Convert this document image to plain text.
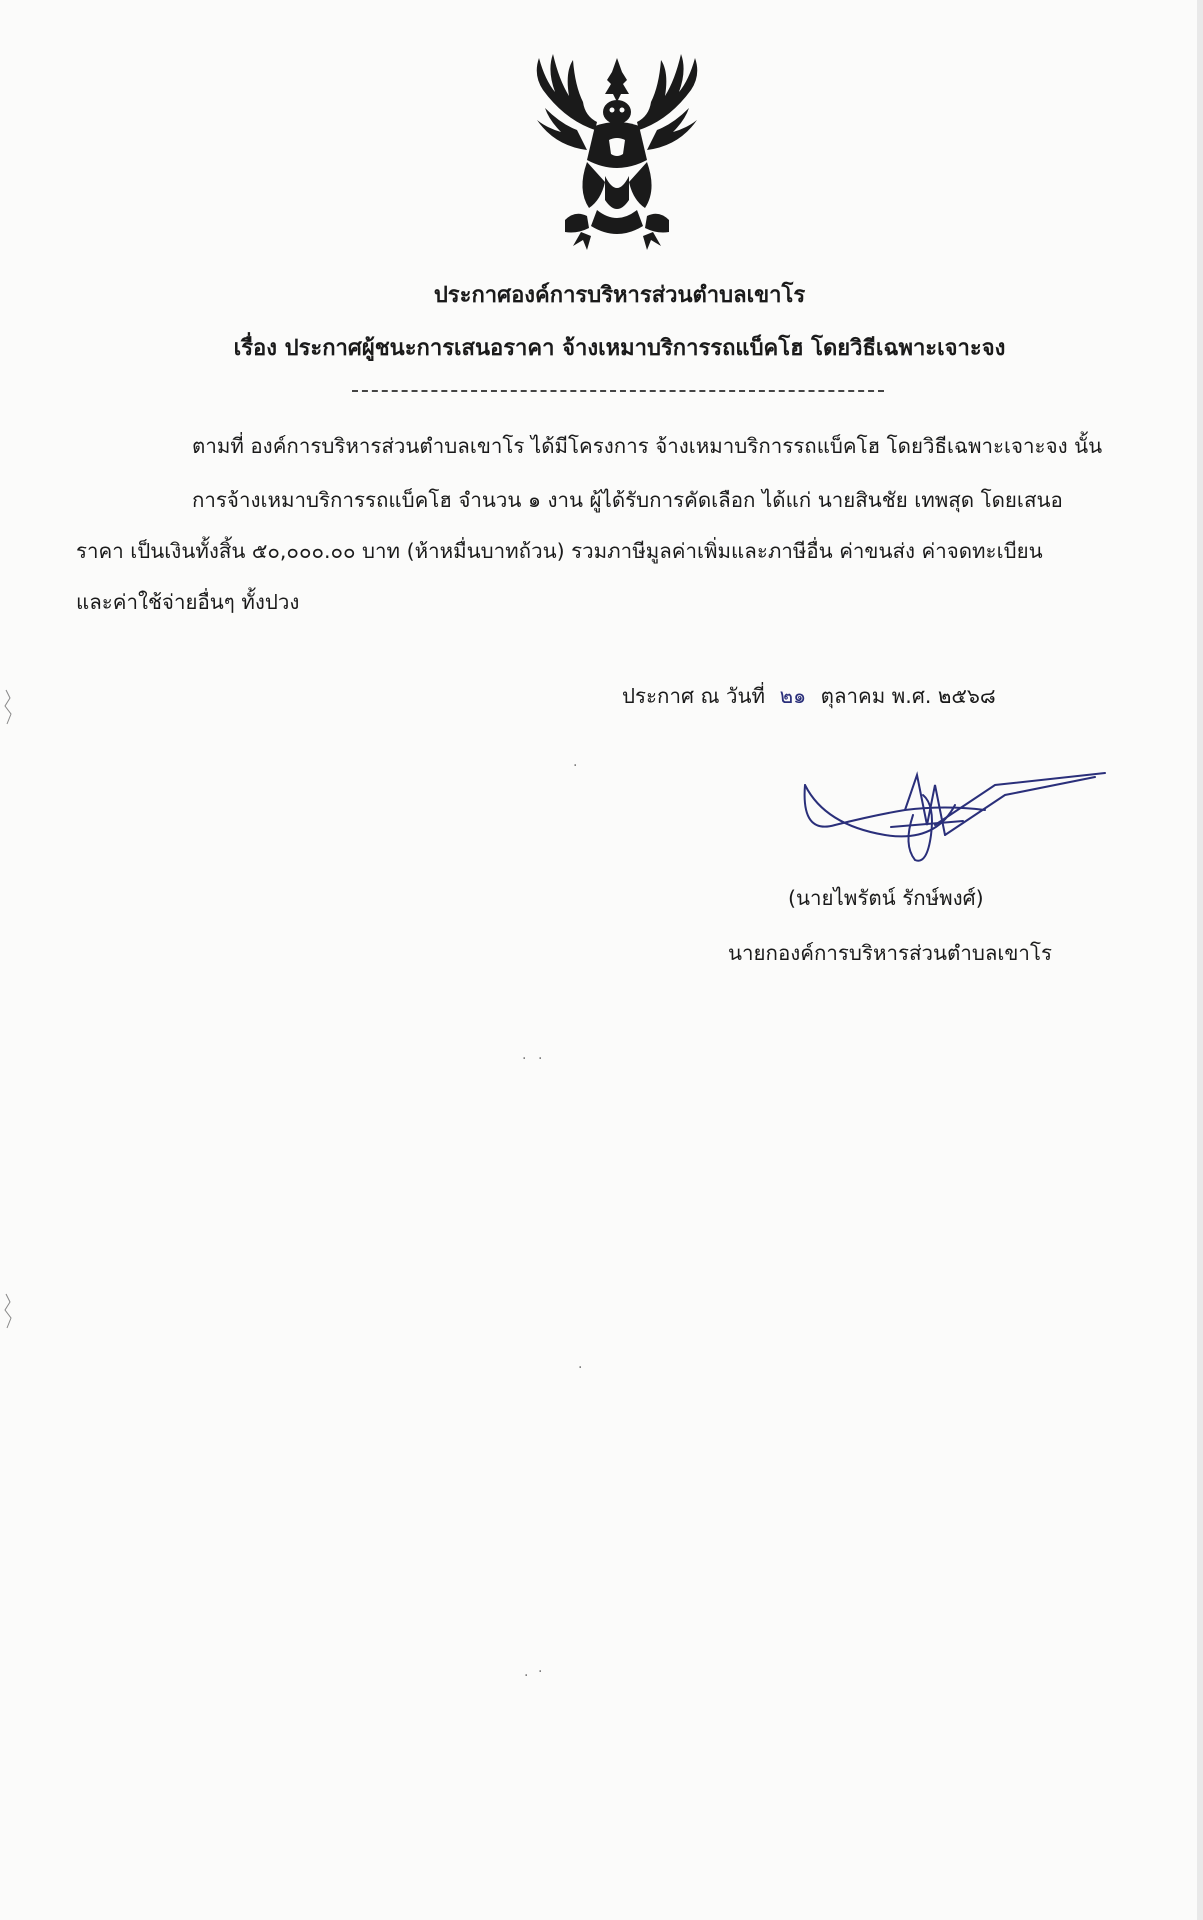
ประกาศองค์การบริหารส่วนตำบลเขาโร
เรื่อง ประกาศผู้ชนะการเสนอราคา จ้างเหมาบริการรถแบ็คโฮ โดยวิธีเฉพาะเจาะจง
ตามที่ องค์การบริหารส่วนตำบลเขาโร ได้มีโครงการ จ้างเหมาบริการรถแบ็คโฮ โดยวิธีเฉพาะเจาะจง นั้น
การจ้างเหมาบริการรถแบ็คโฮ จำนวน ๑ งาน ผู้ได้รับการคัดเลือก ได้แก่ นายสินชัย เทพสุด โดยเสนอ
ราคา เป็นเงินทั้งสิ้น ๕๐,๐๐๐.๐๐ บาท (ห้าหมื่นบาทถ้วน) รวมภาษีมูลค่าเพิ่มและภาษีอื่น ค่าขนส่ง ค่าจดทะเบียน
และค่าใช้จ่ายอื่นๆ ทั้งปวง
ประกาศ ณ วันที่ ๒๑ ตุลาคม พ.ศ. ๒๕๖๘
(นายไพรัตน์ รักษ์พงศ์)
นายกองค์การบริหารส่วนตำบลเขาโร
·
· ·
·
· ·
